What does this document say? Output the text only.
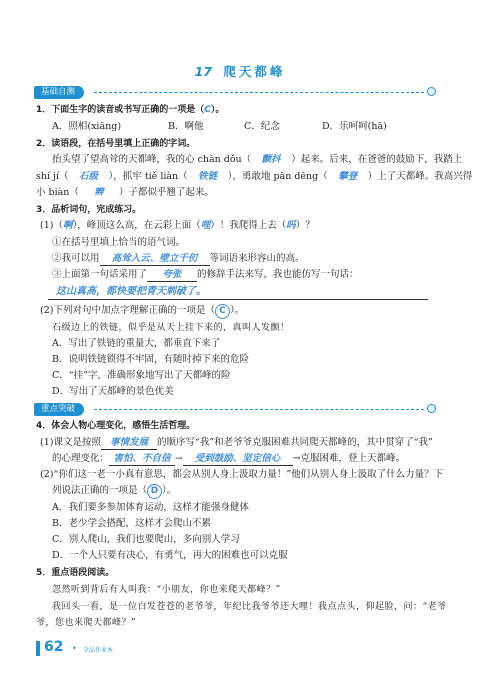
17 爬天都峰
基础自测
1．下面生字的读音或书写正确的一项是（C）。
A．照相(xiāng)	B．啊他	C．纪念	D．乐呵呵(hā)
2．读语段，在括号里填上正确的字词。
抬头望了望高耸的天都峰，我的心 chàn dǒu（ 颤抖 ）起来。后来，在爸爸的鼓励下，我踏上
shí jí（ 石级 ），抓牢 tiě liàn（ 铁链 ），勇敢地 pān dēng（ 攀登 ）上了天都峰。我高兴得
小 biàn（ 辫 ）子都似乎翘了起来。
3．品析词句，完成练习。
(1)（啊），峰顶这么高，在云彩上面（哩）！我爬得上去（吗）？
①在括号里填上恰当的语气词。
②我可以用 高耸入云、壁立千仞 等词语来形容山的高。
③上面第一句话采用了 夸张 的修辞手法来写，我也能仿写一句话：
这山真高，都快要把青天刺破了。
(2)下列对句中加点字理解正确的一项是（ C ）。
石级边上的铁链，似乎是从天上挂下来的，真叫人发颤！
A．写出了铁链的重量大，都垂直下来了
B．说明铁链锁得不牢固，有随时掉下来的危险
C．“挂”字，准确形象地写出了天都峰的险
D．写出了天都峰的景色优美
重点突破
4．体会人物心理变化，感悟生活哲理。
(1)课文是按照 事情发展 的顺序写“我”和老爷爷克服困难共同爬天都峰的，其中贯穿了“我”
的心理变化： 害怕、不自信 → 受到鼓励、坚定信心 →克服困难，登上天都峰。
(2)“你们这一老一小真有意思，都会从别人身上汲取力量！”他们从别人身上汲取了什么力量？下
列说法正确的一项是（ D ）。
A．我们要多参加体育运动，这样才能强身健体
B．老少学会搭配，这样才会爬山不累
C．别人爬山，我们也要爬山，多向别人学习
D．一个人只要有决心，有勇气，再大的困难也可以克服
5．重点语段阅读。
忽然听到背后有人叫我：“小朋友，你也来爬天都峰？”
我回头一看，是一位白发苍苍的老爷爷，年纪比我爷爷还大哩！我点点头，仰起脸，问：“老爷
爷，您也来爬天都峰？”
62 • 全品作业本
